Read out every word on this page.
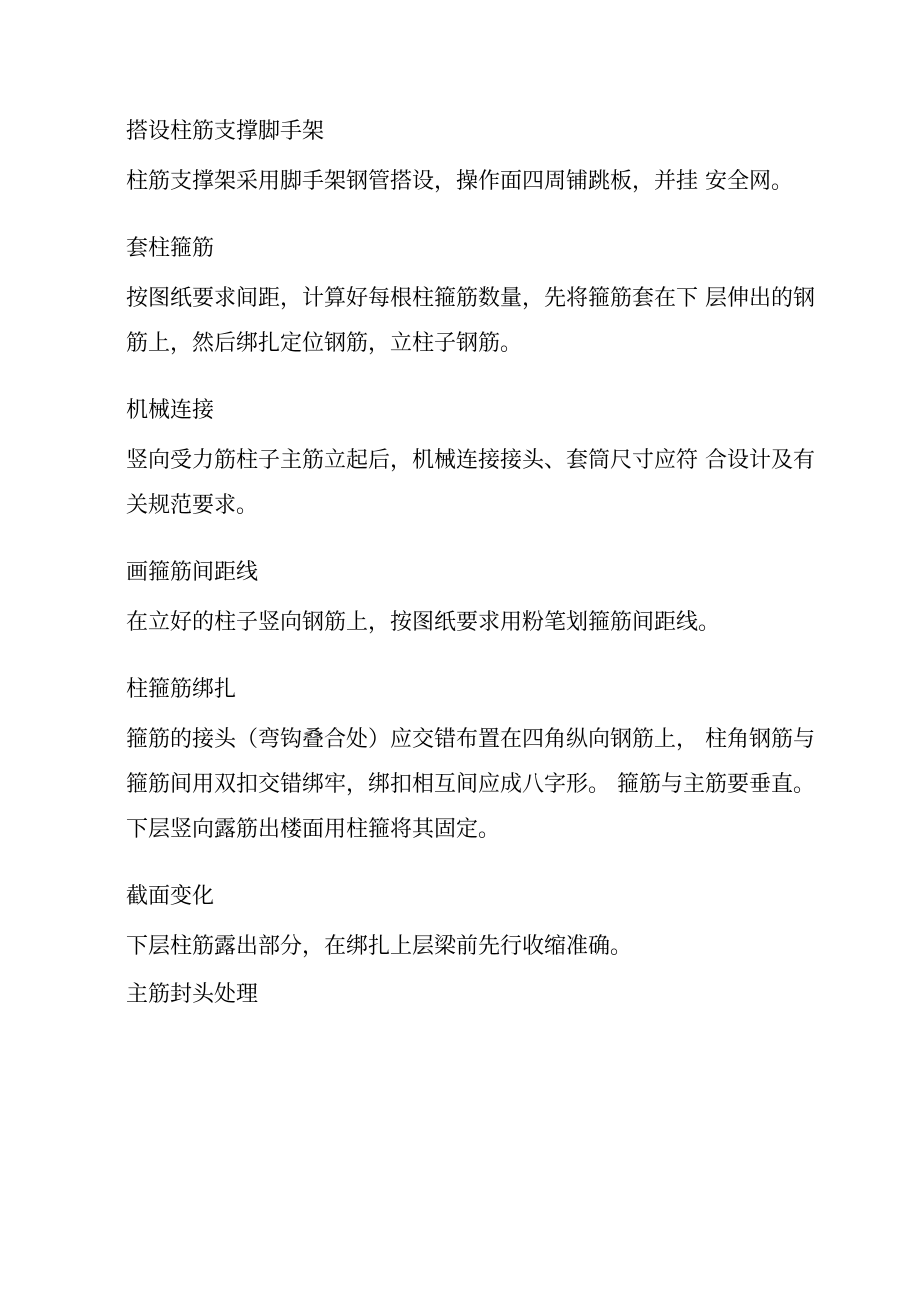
搭设柱筋支撑脚手架

柱筋支撑架采用脚手架钢管搭设，操作面四周铺跳板，并挂 安全网。

套柱箍筋

按图纸要求间距，计算好每根柱箍筋数量，先将箍筋套在下 层伸出的钢筋上，然后绑扎定位钢筋，立柱子钢筋。

机械连接

竖向受力筋柱子主筋立起后，机械连接接头、套筒尺寸应符 合设计及有关规范要求。

画箍筋间距线

在立好的柱子竖向钢筋上，按图纸要求用粉笔划箍筋间距线。

柱箍筋绑扎

箍筋的接头（弯钩叠合处）应交错布置在四角纵向钢筋上， 柱角钢筋与箍筋间用双扣交错绑牢，绑扣相互间应成八字形。 箍筋与主筋要垂直。

下层竖向露筋出楼面用柱箍将其固定。

截面变化

下层柱筋露出部分，在绑扎上层梁前先行收缩准确。

主筋封头处理
